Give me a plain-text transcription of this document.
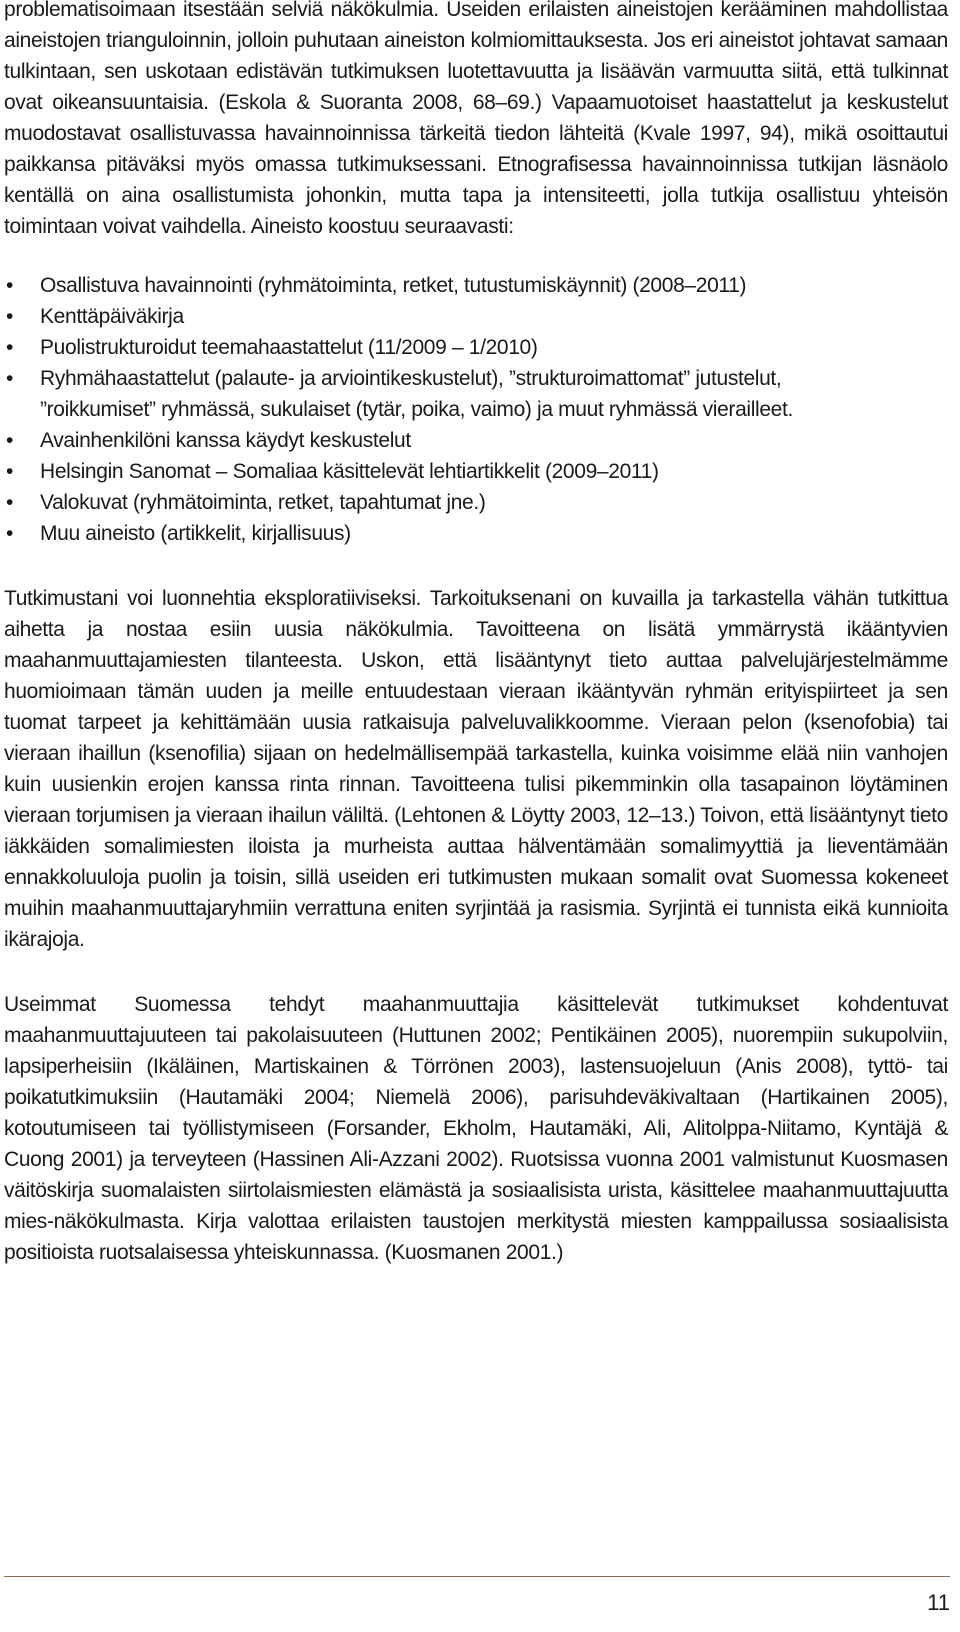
problematisoimaan itsestään selviä näkökulmia. Useiden erilaisten aineistojen kerääminen mahdollistaa aineistojen trianguloinnin, jolloin puhutaan aineiston kolmiomittauksesta. Jos eri aineistot johtavat samaan tulkintaan, sen uskotaan edistävän tutkimuksen luotettavuutta ja lisäävän varmuutta siitä, että tulkinnat ovat oikeansuuntaisia. (Eskola & Suoranta 2008, 68–69.) Vapaamuotoiset haastattelut ja keskustelut muodostavat osallistuvassa havainnoinnissa tärkeitä tiedon lähteitä (Kvale 1997, 94), mikä osoittautui paikkansa pitäväksi myös omassa tutkimuksessani. Etnografisessa havainnoinnissa tutkijan läsnäolo kentällä on aina osallistumista johonkin, mutta tapa ja intensiteetti, jolla tutkija osallistuu yhteisön toimintaan voivat vaihdella. Aineisto koostuu seuraavasti:

• Osallistuva havainnointi (ryhmätoiminta, retket, tutustumiskäynnit) (2008–2011)
• Kenttäpäiväkirja
• Puolistrukturoidut teemahaastattelut (11/2009 – 1/2010)
• Ryhmähaastattelut (palaute- ja arviointikeskustelut), ”strukturoimattomat” jutustelut, ”roikkumiset” ryhmässä, sukulaiset (tytär, poika, vaimo) ja muut ryhmässä vierailleet.
• Avainhenkilöni kanssa käydyt keskustelut
• Helsingin Sanomat – Somaliaa käsittelevät lehtiartikkelit (2009–2011)
• Valokuvat (ryhmätoiminta, retket, tapahtumat jne.)
• Muu aineisto (artikkelit, kirjallisuus)

Tutkimustani voi luonnehtia eksploratiiviseksi. Tarkoituksenani on kuvailla ja tarkastella vähän tutkittua aihetta ja nostaa esiin uusia näkökulmia. Tavoitteena on lisätä ymmärrystä ikääntyvien maahanmuuttajamiesten tilanteesta. Uskon, että lisääntynyt tieto auttaa palvelujärjestelmämme huomioimaan tämän uuden ja meille entuudestaan vieraan ikääntyvän ryhmän erityispiirteet ja sen tuomat tarpeet ja kehittämään uusia ratkaisuja palveluvalikkoomme. Vieraan pelon (ksenofobia) tai vieraan ihaillun (ksenofilia) sijaan on hedelmällisempää tarkastella, kuinka voisimme elää niin vanhojen kuin uusienkin erojen kanssa rinta rinnan. Tavoitteena tulisi pikemminkin olla tasapainon löytäminen vieraan torjumisen ja vieraan ihailun väliltä. (Lehtonen & Löytty 2003, 12–13.) Toivon, että lisääntynyt tieto iäkkäiden somalimiesten iloista ja murheista auttaa hälventämään somalimyyttiä ja lieventämään ennakkoluuloja puolin ja toisin, sillä useiden eri tutkimusten mukaan somalit ovat Suomessa kokeneet muihin maahanmuuttajaryhmiin verrattuna eniten syrjintää ja rasismia. Syrjintä ei tunnista eikä kunnioita ikärajoja.

Useimmat Suomessa tehdyt maahanmuuttajia käsittelevät tutkimukset kohdentuvat maahanmuuttajuuteen tai pakolaisuuteen (Huttunen 2002; Pentikäinen 2005), nuorempiin sukupolviin, lapsiperheisiin (Ikäläinen, Martiskainen & Törrönen 2003), lastensuojeluun (Anis 2008), tyttö- tai poikatutkimuksiin (Hautamäki 2004; Niemelä 2006), parisuhdeväkivaltaan (Hartikainen 2005), kotoutumiseen tai työllistymiseen (Forsander, Ekholm, Hautamäki, Ali, Alitolppa-Niitamo, Kyntäjä & Cuong 2001) ja terveyteen (Hassinen Ali-Azzani 2002). Ruotsissa vuonna 2001 valmistunut Kuosmasen väitöskirja suomalaisten siirtolaismiesten elämästä ja sosiaalisista urista, käsittelee maahanmuuttajuutta mies-näkökulmasta. Kirja valottaa erilaisten taustojen merkitystä miesten kamppailussa sosiaalisista positioista ruotsalaisessa yhteiskunnassa. (Kuosmanen 2001.)

11
